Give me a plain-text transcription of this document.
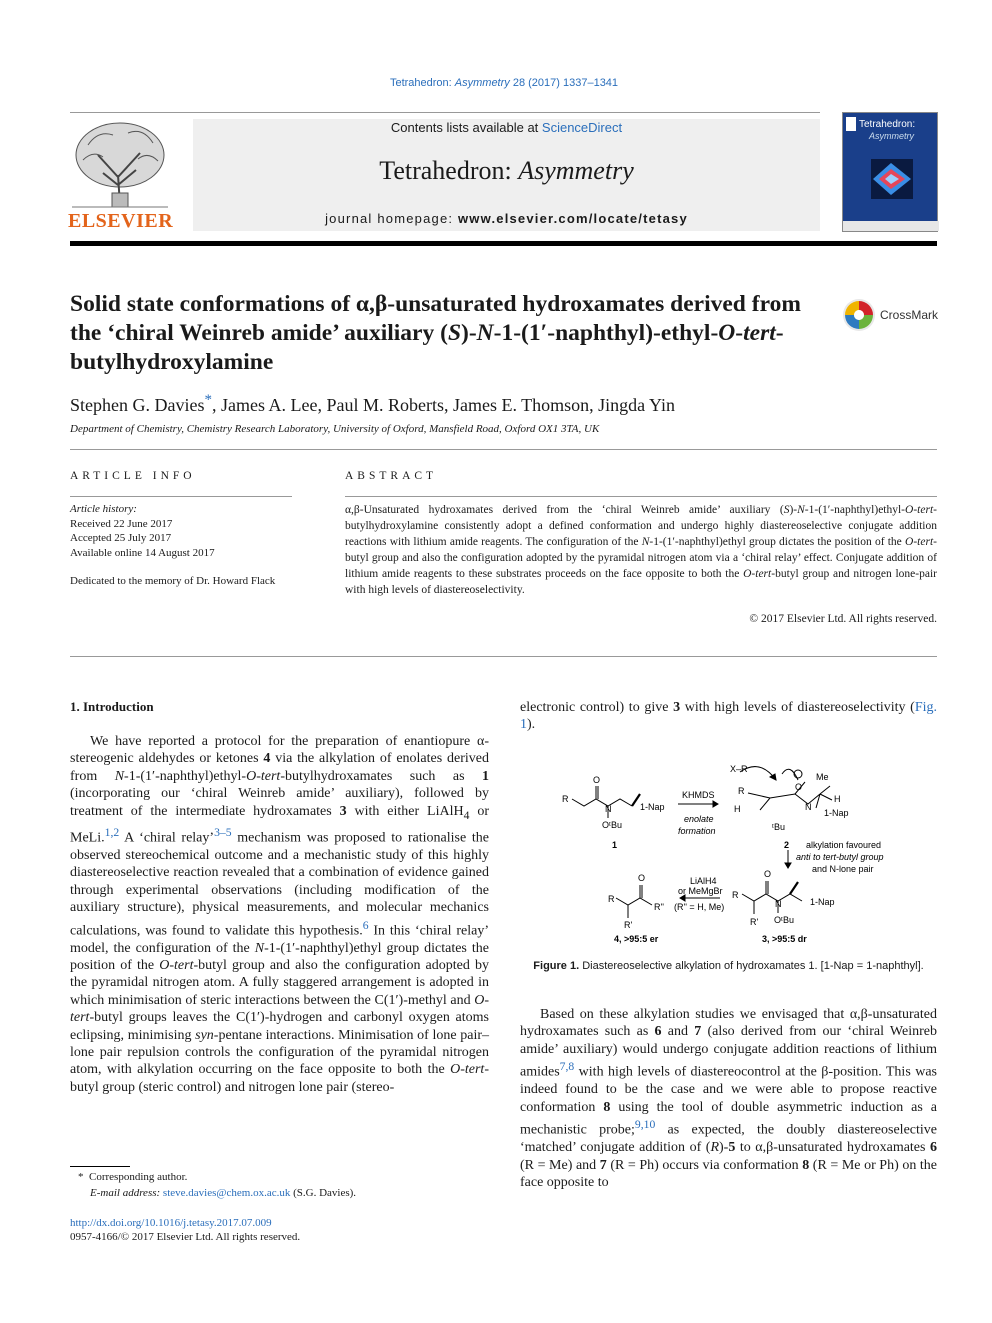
Tetrahedron: Asymmetry 28 (2017) 1337–1341
ELSEVIER
Contents lists available at ScienceDirect
Tetrahedron: Asymmetry
journal homepage: www.elsevier.com/locate/tetasy
Tetrahedron:
Asymmetry
Solid state conformations of α,β-unsaturated hydroxamates derived from the ‘chiral Weinreb amide’ auxiliary (S)-N-1-(1′-naphthyl)-ethyl-O-tert-butylhydroxylamine
CrossMark
Stephen G. Davies*, James A. Lee, Paul M. Roberts, James E. Thomson, Jingda Yin
Department of Chemistry, Chemistry Research Laboratory, University of Oxford, Mansfield Road, Oxford OX1 3TA, UK
ARTICLE INFO
Article history:
Received 22 June 2017
Accepted 25 July 2017
Available online 14 August 2017
Dedicated to the memory of Dr. Howard Flack
ABSTRACT
α,β-Unsaturated hydroxamates derived from the ‘chiral Weinreb amide’ auxiliary (S)-N-1-(1′-naphthyl)ethyl-O-tert-butylhydroxylamine consistently adopt a defined conformation and undergo highly diastereoselective conjugate addition reactions with lithium amide reagents. The configuration of the N-1-(1′-naphthyl)ethyl group dictates the position of the O-tert-butyl group and also the configuration adopted by the pyramidal nitrogen atom via a ‘chiral relay’ effect. Conjugate addition of lithium amide reagents to these substrates proceeds on the face opposite to both the O-tert-butyl group and nitrogen lone-pair with high levels of diastereoselectivity.
© 2017 Elsevier Ltd. All rights reserved.
1. Introduction

We have reported a protocol for the preparation of enantiopure α-stereogenic aldehydes or ketones 4 via the alkylation of enolates derived from N-1-(1′-naphthyl)ethyl-O-tert-butylhydroxamates such as 1 (incorporating our ‘chiral Weinreb amide’ auxiliary), followed by treatment of the intermediate hydroxamates 3 with either LiAlH$_4$ or MeLi.$^{1,2}$ A ‘chiral relay’$^{3-5}$ mechanism was proposed to rationalise the observed stereochemical outcome and a mechanistic study of this highly diastereoselective reaction revealed that a combination of evidence gained through experimental observations (including modification of the auxiliary structure), physical measurements, and molecular mechanics calculations, was found to validate this hypothesis.$^6$ In this ‘chiral relay’ model, the configuration of the N-1-(1′-naphthyl)ethyl group dictates the position of the O-tert-butyl group and also the configuration adopted by the pyramidal nitrogen atom. A fully staggered arrangement is adopted in which minimisation of steric interactions between the C(1′)-methyl and O-tert-butyl groups leaves the C(1′)-hydrogen and carbonyl oxygen atoms eclipsing, minimising syn-pentane interactions. Minimisation of lone pair–lone pair repulsion controls the configuration of the pyramidal nitrogen atom, with alkylation occurring on the face opposite to both the O-tert-butyl group (steric control) and nitrogen lone pair (stereo-

* Corresponding author.
E-mail address: steve.davies@chem.ox.ac.uk (S.G. Davies).
http://dx.doi.org/10.1016/j.tetasy.2017.07.009
0957-4166/© 2017 Elsevier Ltd. All rights reserved.
electronic control) to give 3 with high levels of diastereoselectivity (Fig. 1).
R
O
N	1-Nap
OᵗBu
1
KHMDS
enolate
formation
X–R
R
H
O
N
Me
H
1-Nap
ᵗBu
2 alkylation favoured
anti to tert-butyl group
and N-lone pair
R
O
R''
R'
4, >95:5 er
LiAlH4
or MeMgBr
(R'' = H, Me)
R
O
N	1-Nap
R' OᵗBu
3, >95:5 dr
Figure 1. Diastereoselective alkylation of hydroxamates 1. [1-Nap = 1-naphthyl].

Based on these alkylation studies we envisaged that α,β-unsaturated hydroxamates such as 6 and 7 (also derived from our ‘chiral Weinreb amide’ auxiliary) would undergo conjugate addition reactions of lithium amides$^{7,8}$ with high levels of diastereocontrol at the β-position. This was indeed found to be the case and we were able to propose reactive conformation 8 using the tool of double asymmetric induction as a mechanistic probe;$^{9,10}$ as expected, the doubly diastereoselective ‘matched’ conjugate addition of (R)-5 to α,β-unsaturated hydroxamates 6 (R = Me) and 7 (R = Ph) occurs via conformation 8 (R = Me or Ph) on the face opposite to
